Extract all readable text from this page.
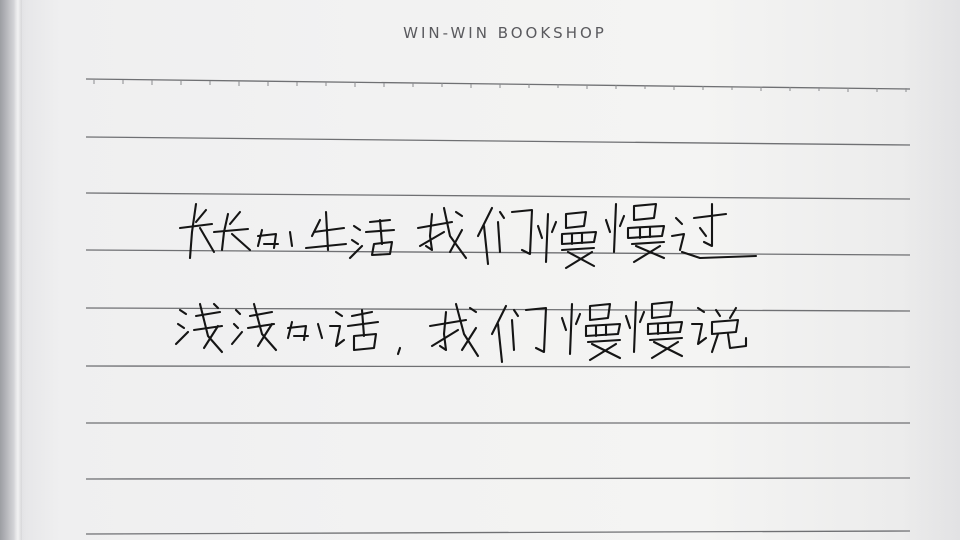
WIN-WIN BOOKSHOP
